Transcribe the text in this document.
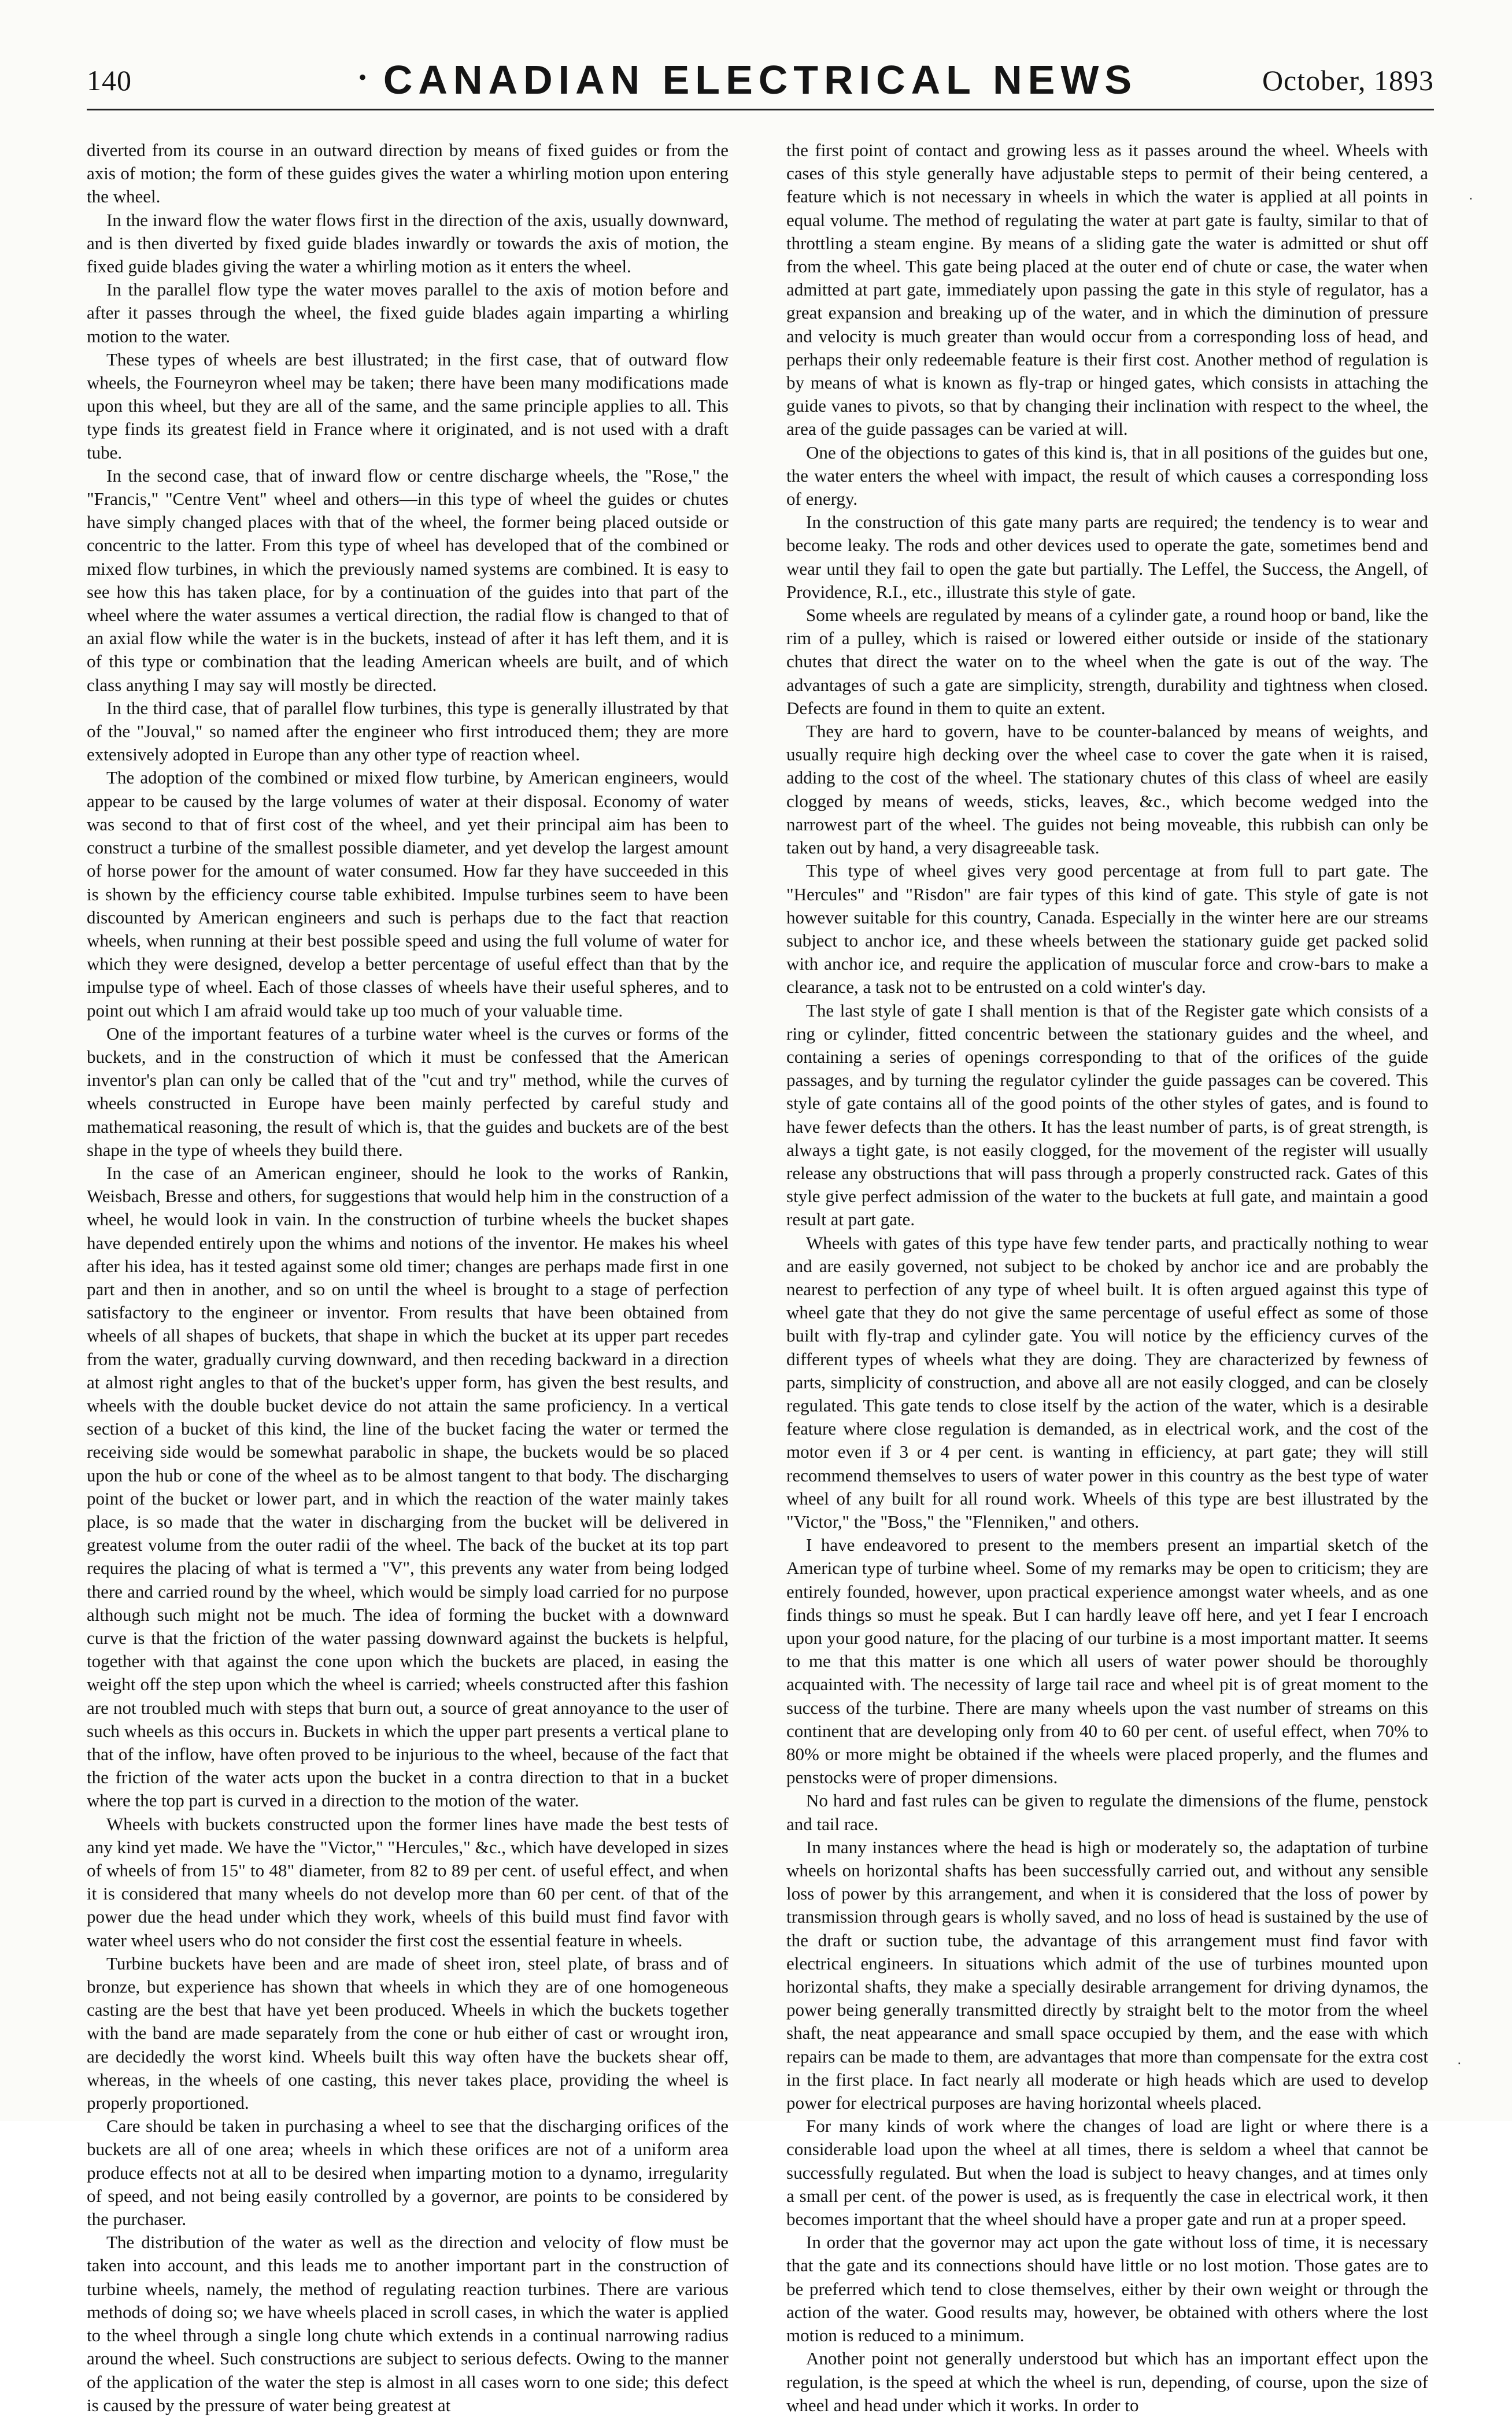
140	• CANADIAN ELECTRICAL NEWS	October, 1893

diverted from its course in an outward direction by means of fixed guides or from the axis of motion; the form of these guides gives the water a whirling motion upon entering the wheel.

In the inward flow the water flows first in the direction of the axis, usually downward, and is then diverted by fixed guide blades inwardly or towards the axis of motion, the fixed guide blades giving the water a whirling motion as it enters the wheel.

In the parallel flow type the water moves parallel to the axis of motion before and after it passes through the wheel, the fixed guide blades again imparting a whirling motion to the water.

These types of wheels are best illustrated; in the first case, that of outward flow wheels, the Fourneyron wheel may be taken; there have been many modifications made upon this wheel, but they are all of the same, and the same principle applies to all. This type finds its greatest field in France where it originated, and is not used with a draft tube.

In the second case, that of inward flow or centre discharge wheels, the "Rose," the "Francis," "Centre Vent" wheel and others—in this type of wheel the guides or chutes have simply changed places with that of the wheel, the former being placed outside or concentric to the latter. From this type of wheel has developed that of the combined or mixed flow turbines, in which the previously named systems are combined. It is easy to see how this has taken place, for by a continuation of the guides into that part of the wheel where the water assumes a vertical direction, the radial flow is changed to that of an axial flow while the water is in the buckets, instead of after it has left them, and it is of this type or combination that the leading American wheels are built, and of which class anything I may say will mostly be directed.

In the third case, that of parallel flow turbines, this type is generally illustrated by that of the "Jouval," so named after the engineer who first introduced them; they are more extensively adopted in Europe than any other type of reaction wheel.

The adoption of the combined or mixed flow turbine, by American engineers, would appear to be caused by the large volumes of water at their disposal. Economy of water was second to that of first cost of the wheel, and yet their principal aim has been to construct a turbine of the smallest possible diameter, and yet develop the largest amount of horse power for the amount of water consumed. How far they have succeeded in this is shown by the efficiency course table exhibited. Impulse turbines seem to have been discounted by American engineers and such is perhaps due to the fact that reaction wheels, when running at their best possible speed and using the full volume of water for which they were designed, develop a better percentage of useful effect than that by the impulse type of wheel. Each of those classes of wheels have their useful spheres, and to point out which I am afraid would take up too much of your valuable time.

One of the important features of a turbine water wheel is the curves or forms of the buckets, and in the construction of which it must be confessed that the American inventor's plan can only be called that of the "cut and try" method, while the curves of wheels constructed in Europe have been mainly perfected by careful study and mathematical reasoning, the result of which is, that the guides and buckets are of the best shape in the type of wheels they build there.

In the case of an American engineer, should he look to the works of Rankin, Weisbach, Bresse and others, for suggestions that would help him in the construction of a wheel, he would look in vain. In the construction of turbine wheels the bucket shapes have depended entirely upon the whims and notions of the inventor. He makes his wheel after his idea, has it tested against some old timer; changes are perhaps made first in one part and then in another, and so on until the wheel is brought to a stage of perfection satisfactory to the engineer or inventor. From results that have been obtained from wheels of all shapes of buckets, that shape in which the bucket at its upper part recedes from the water, gradually curving downward, and then receding backward in a direction at almost right angles to that of the bucket's upper form, has given the best results, and wheels with the double bucket device do not attain the same proficiency. In a vertical section of a bucket of this kind, the line of the bucket facing the water or termed the receiving side would be somewhat parabolic in shape, the buckets would be so placed upon the hub or cone of the wheel as to be almost tangent to that body. The discharging point of the bucket or lower part, and in which the reaction of the water mainly takes place, is so made that the water in discharging from the bucket will be delivered in greatest volume from the outer radii of the wheel. The back of the bucket at its top part requires the placing of what is termed a "V", this prevents any water from being lodged there and carried round by the wheel, which would be simply load carried for no purpose although such might not be much. The idea of forming the bucket with a downward curve is that the friction of the water passing downward against the buckets is helpful, together with that against the cone upon which the buckets are placed, in easing the weight off the step upon which the wheel is carried; wheels constructed after this fashion are not troubled much with steps that burn out, a source of great annoyance to the user of such wheels as this occurs in. Buckets in which the upper part presents a vertical plane to that of the inflow, have often proved to be injurious to the wheel, because of the fact that the friction of the water acts upon the bucket in a contra direction to that in a bucket where the top part is curved in a direction to the motion of the water.

Wheels with buckets constructed upon the former lines have made the best tests of any kind yet made. We have the "Victor," "Hercules," &c., which have developed in sizes of wheels of from 15" to 48" diameter, from 82 to 89 per cent. of useful effect, and when it is considered that many wheels do not develop more than 60 per cent. of that of the power due the head under which they work, wheels of this build must find favor with water wheel users who do not consider the first cost the essential feature in wheels.

Turbine buckets have been and are made of sheet iron, steel plate, of brass and of bronze, but experience has shown that wheels in which they are of one homogeneous casting are the best that have yet been produced. Wheels in which the buckets together with the band are made separately from the cone or hub either of cast or wrought iron, are decidedly the worst kind. Wheels built this way often have the buckets shear off, whereas, in the wheels of one casting, this never takes place, providing the wheel is properly proportioned.

Care should be taken in purchasing a wheel to see that the discharging orifices of the buckets are all of one area; wheels in which these orifices are not of a uniform area produce effects not at all to be desired when imparting motion to a dynamo, irregularity of speed, and not being easily controlled by a governor, are points to be considered by the purchaser.

The distribution of the water as well as the direction and velocity of flow must be taken into account, and this leads me to another important part in the construction of turbine wheels, namely, the method of regulating reaction turbines. There are various methods of doing so; we have wheels placed in scroll cases, in which the water is applied to the wheel through a single long chute which extends in a continual narrowing radius around the wheel. Such constructions are subject to serious defects. Owing to the manner of the application of the water the step is almost in all cases worn to one side; this defect is caused by the pressure of water being greatest at

the first point of contact and growing less as it passes around the wheel. Wheels with cases of this style generally have adjustable steps to permit of their being centered, a feature which is not necessary in wheels in which the water is applied at all points in equal volume. The method of regulating the water at part gate is faulty, similar to that of throttling a steam engine. By means of a sliding gate the water is admitted or shut off from the wheel. This gate being placed at the outer end of chute or case, the water when admitted at part gate, immediately upon passing the gate in this style of regulator, has a great expansion and breaking up of the water, and in which the diminution of pressure and velocity is much greater than would occur from a corresponding loss of head, and perhaps their only redeemable feature is their first cost. Another method of regulation is by means of what is known as fly-trap or hinged gates, which consists in attaching the guide vanes to pivots, so that by changing their inclination with respect to the wheel, the area of the guide passages can be varied at will.

One of the objections to gates of this kind is, that in all positions of the guides but one, the water enters the wheel with impact, the result of which causes a corresponding loss of energy.

In the construction of this gate many parts are required; the tendency is to wear and become leaky. The rods and other devices used to operate the gate, sometimes bend and wear until they fail to open the gate but partially. The Leffel, the Success, the Angell, of Providence, R.I., etc., illustrate this style of gate.

Some wheels are regulated by means of a cylinder gate, a round hoop or band, like the rim of a pulley, which is raised or lowered either outside or inside of the stationary chutes that direct the water on to the wheel when the gate is out of the way. The advantages of such a gate are simplicity, strength, durability and tightness when closed. Defects are found in them to quite an extent.

They are hard to govern, have to be counter-balanced by means of weights, and usually require high decking over the wheel case to cover the gate when it is raised, adding to the cost of the wheel. The stationary chutes of this class of wheel are easily clogged by means of weeds, sticks, leaves, &c., which become wedged into the narrowest part of the wheel. The guides not being moveable, this rubbish can only be taken out by hand, a very disagreeable task.

This type of wheel gives very good percentage at from full to part gate. The "Hercules" and "Risdon" are fair types of this kind of gate. This style of gate is not however suitable for this country, Canada. Especially in the winter here are our streams subject to anchor ice, and these wheels between the stationary guide get packed solid with anchor ice, and require the application of muscular force and crow-bars to make a clearance, a task not to be entrusted on a cold winter's day.

The last style of gate I shall mention is that of the Register gate which consists of a ring or cylinder, fitted concentric between the stationary guides and the wheel, and containing a series of openings corresponding to that of the orifices of the guide passages, and by turning the regulator cylinder the guide passages can be covered. This style of gate contains all of the good points of the other styles of gates, and is found to have fewer defects than the others. It has the least number of parts, is of great strength, is always a tight gate, is not easily clogged, for the movement of the register will usually release any obstructions that will pass through a properly constructed rack. Gates of this style give perfect admission of the water to the buckets at full gate, and maintain a good result at part gate.

Wheels with gates of this type have few tender parts, and practically nothing to wear and are easily governed, not subject to be choked by anchor ice and are probably the nearest to perfection of any type of wheel built. It is often argued against this type of wheel gate that they do not give the same percentage of useful effect as some of those built with fly-trap and cylinder gate. You will notice by the efficiency curves of the different types of wheels what they are doing. They are characterized by fewness of parts, simplicity of construction, and above all are not easily clogged, and can be closely regulated. This gate tends to close itself by the action of the water, which is a desirable feature where close regulation is demanded, as in electrical work, and the cost of the motor even if 3 or 4 per cent. is wanting in efficiency, at part gate; they will still recommend themselves to users of water power in this country as the best type of water wheel of any built for all round work. Wheels of this type are best illustrated by the "Victor," the "Boss," the "Flenniken," and others.

I have endeavored to present to the members present an impartial sketch of the American type of turbine wheel. Some of my remarks may be open to criticism; they are entirely founded, however, upon practical experience amongst water wheels, and as one finds things so must he speak. But I can hardly leave off here, and yet I fear I encroach upon your good nature, for the placing of our turbine is a most important matter. It seems to me that this matter is one which all users of water power should be thoroughly acquainted with. The necessity of large tail race and wheel pit is of great moment to the success of the turbine. There are many wheels upon the vast number of streams on this continent that are developing only from 40 to 60 per cent. of useful effect, when 70% to 80% or more might be obtained if the wheels were placed properly, and the flumes and penstocks were of proper dimensions.

No hard and fast rules can be given to regulate the dimensions of the flume, penstock and tail race.

In many instances where the head is high or moderately so, the adaptation of turbine wheels on horizontal shafts has been successfully carried out, and without any sensible loss of power by this arrangement, and when it is considered that the loss of power by transmission through gears is wholly saved, and no loss of head is sustained by the use of the draft or suction tube, the advantage of this arrangement must find favor with electrical engineers. In situations which admit of the use of turbines mounted upon horizontal shafts, they make a specially desirable arrangement for driving dynamos, the power being generally transmitted directly by straight belt to the motor from the wheel shaft, the neat appearance and small space occupied by them, and the ease with which repairs can be made to them, are advantages that more than compensate for the extra cost in the first place. In fact nearly all moderate or high heads which are used to develop power for electrical purposes are having horizontal wheels placed.

For many kinds of work where the changes of load are light or where there is a considerable load upon the wheel at all times, there is seldom a wheel that cannot be successfully regulated. But when the load is subject to heavy changes, and at times only a small per cent. of the power is used, as is frequently the case in electrical work, it then becomes important that the wheel should have a proper gate and run at a proper speed.

In order that the governor may act upon the gate without loss of time, it is necessary that the gate and its connections should have little or no lost motion. Those gates are to be preferred which tend to close themselves, either by their own weight or through the action of the water. Good results may, however, be obtained with others where the lost motion is reduced to a minimum.

Another point not generally understood but which has an important effect upon the regulation, is the speed at which the wheel is run, depending, of course, upon the size of wheel and head under which it works. In order to

·
·
